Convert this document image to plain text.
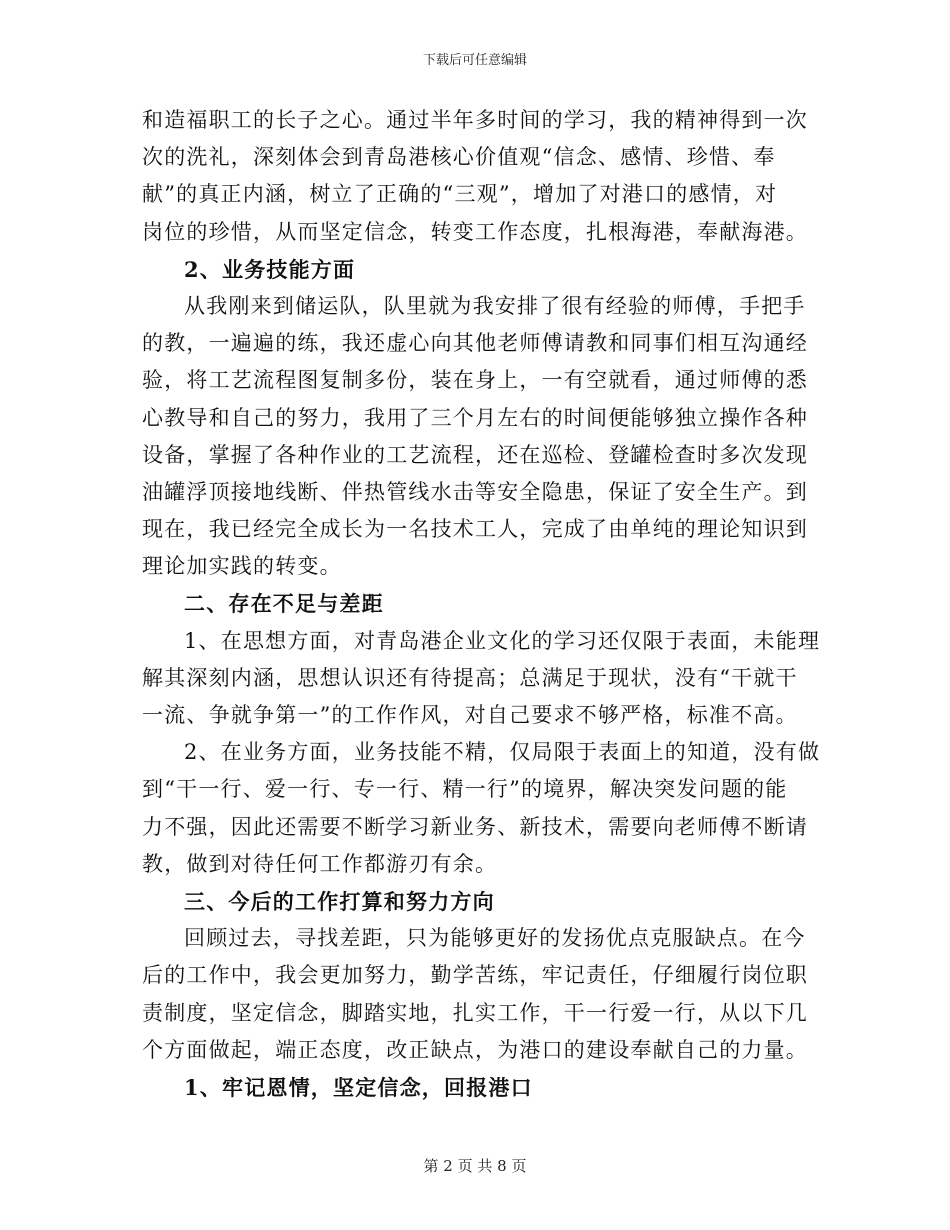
下载后可任意编辑
和造福职工的长子之心。通过半年多时间的学习，我的精神得到一次
次的洗礼，深刻体会到青岛港核心价值观“信念、感情、珍惜、奉
献”的真正内涵，树立了正确的“三观”，增加了对港口的感情，对
岗位的珍惜，从而坚定信念，转变工作态度，扎根海港，奉献海港。
2、业务技能方面
从我刚来到储运队，队里就为我安排了很有经验的师傅，手把手
的教，一遍遍的练，我还虚心向其他老师傅请教和同事们相互沟通经
验，将工艺流程图复制多份，装在身上，一有空就看，通过师傅的悉
心教导和自己的努力，我用了三个月左右的时间便能够独立操作各种
设备，掌握了各种作业的工艺流程，还在巡检、登罐检查时多次发现
油罐浮顶接地线断、伴热管线水击等安全隐患，保证了安全生产。到
现在，我已经完全成长为一名技术工人，完成了由单纯的理论知识到
理论加实践的转变。
二、存在不足与差距
1、在思想方面，对青岛港企业文化的学习还仅限于表面，未能理
解其深刻内涵，思想认识还有待提高；总满足于现状，没有“干就干
一流、争就争第一”的工作作风，对自己要求不够严格，标准不高。
2、在业务方面，业务技能不精，仅局限于表面上的知道，没有做
到“干一行、爱一行、专一行、精一行”的境界，解决突发问题的能
力不强，因此还需要不断学习新业务、新技术，需要向老师傅不断请
教，做到对待任何工作都游刃有余。
三、今后的工作打算和努力方向
回顾过去，寻找差距，只为能够更好的发扬优点克服缺点。在今
后的工作中，我会更加努力，勤学苦练，牢记责任，仔细履行岗位职
责制度，坚定信念，脚踏实地，扎实工作，干一行爱一行，从以下几
个方面做起，端正态度，改正缺点，为港口的建设奉献自己的力量。
1、牢记恩情，坚定信念，回报港口
第 2 页 共 8 页
